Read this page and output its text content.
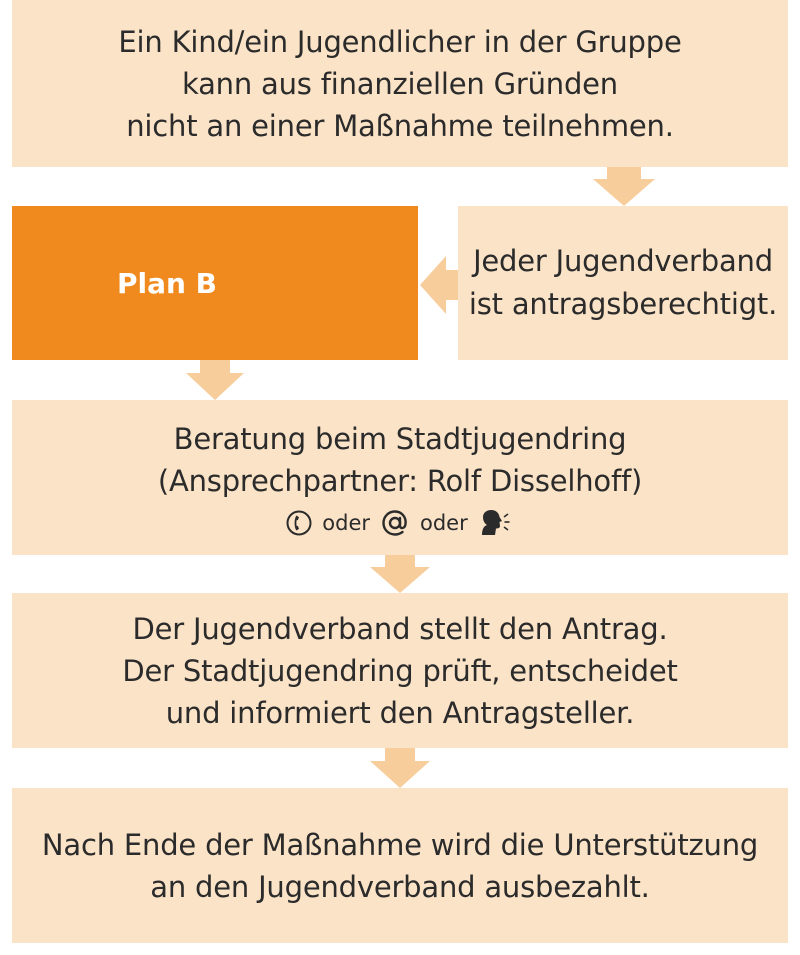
Ein Kind/ein Jugendlicher in der Gruppe
kann aus finanziellen Gründen
nicht an einer Maßnahme teilnehmen.
Plan B
Jeder Jugendverband
ist antragsberechtigt.
Beratung beim Stadtjugendring
(Ansprechpartner: Rolf Disselhoff)
oder oder
Der Jugendverband stellt den Antrag.
Der Stadtjugendring prüft, entscheidet
und informiert den Antragsteller.
Nach Ende der Maßnahme wird die Unterstützung
an den Jugendverband ausbezahlt.
